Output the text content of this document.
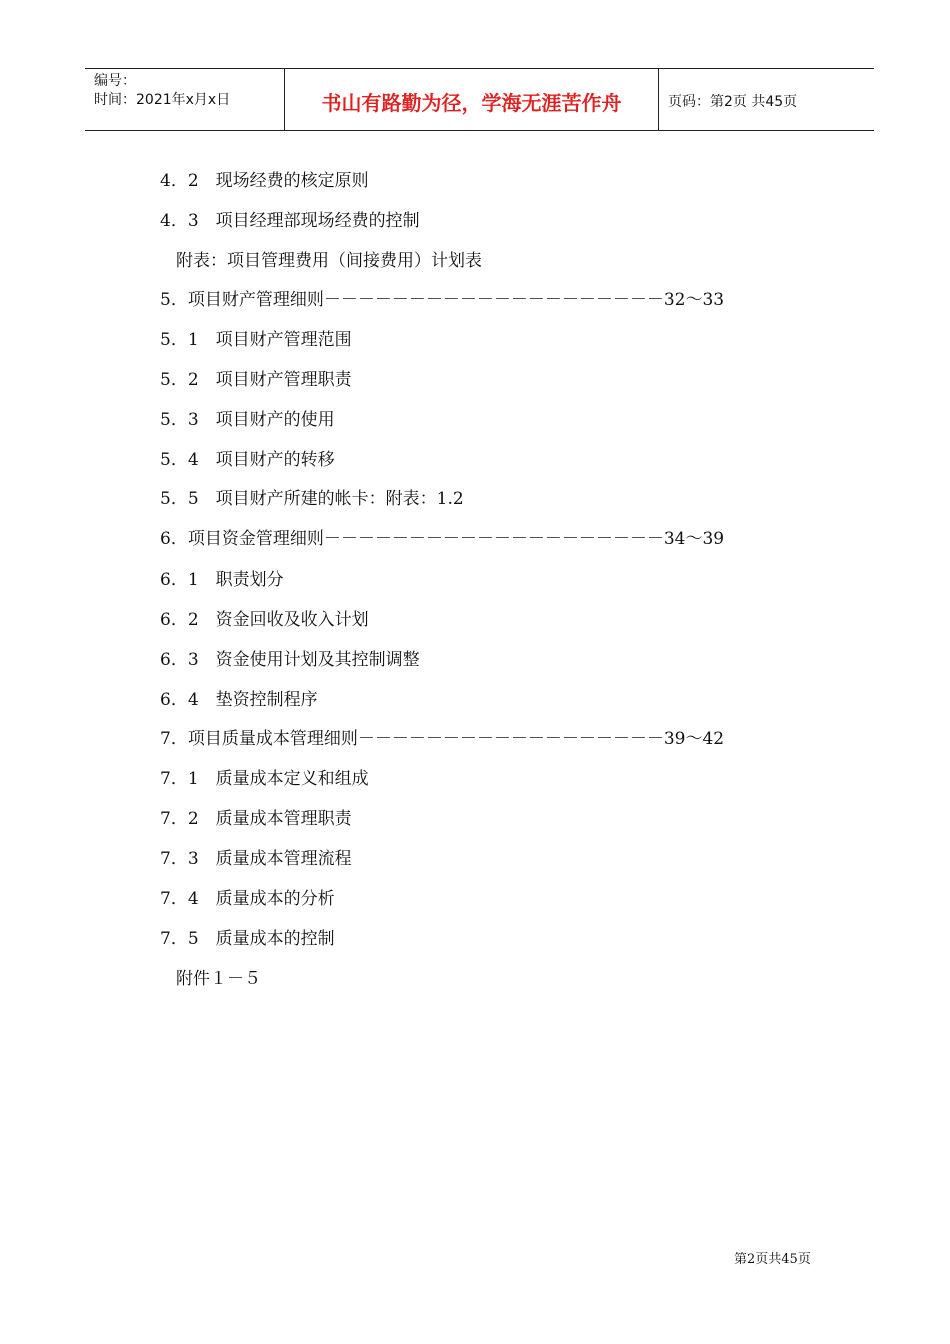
编号：
时间：2021年x月x日	书山有路勤为径，学海无涯苦作舟	页码：第2页 共45页
4．2　现场经费的核定原则
4．3　项目经理部现场经费的控制
附表：项目管理费用（间接费用）计划表
5．项目财产管理细则－－－－－－－－－－－－－－－－－－－－32～33
5．1　项目财产管理范围
5．2　项目财产管理职责
5．3　项目财产的使用
5．4　项目财产的转移
5．5　项目财产所建的帐卡：附表：1.2
6．项目资金管理细则－－－－－－－－－－－－－－－－－－－－34～39
6．1　职责划分
6．2　资金回收及收入计划
6．3　资金使用计划及其控制调整
6．4　垫资控制程序
7．项目质量成本管理细则－－－－－－－－－－－－－－－－－－39～42
7．1　质量成本定义和组成
7．2　质量成本管理职责
7．3　质量成本管理流程
7．4　质量成本的分析
7．5　质量成本的控制
附件１－５
第2页共45页
